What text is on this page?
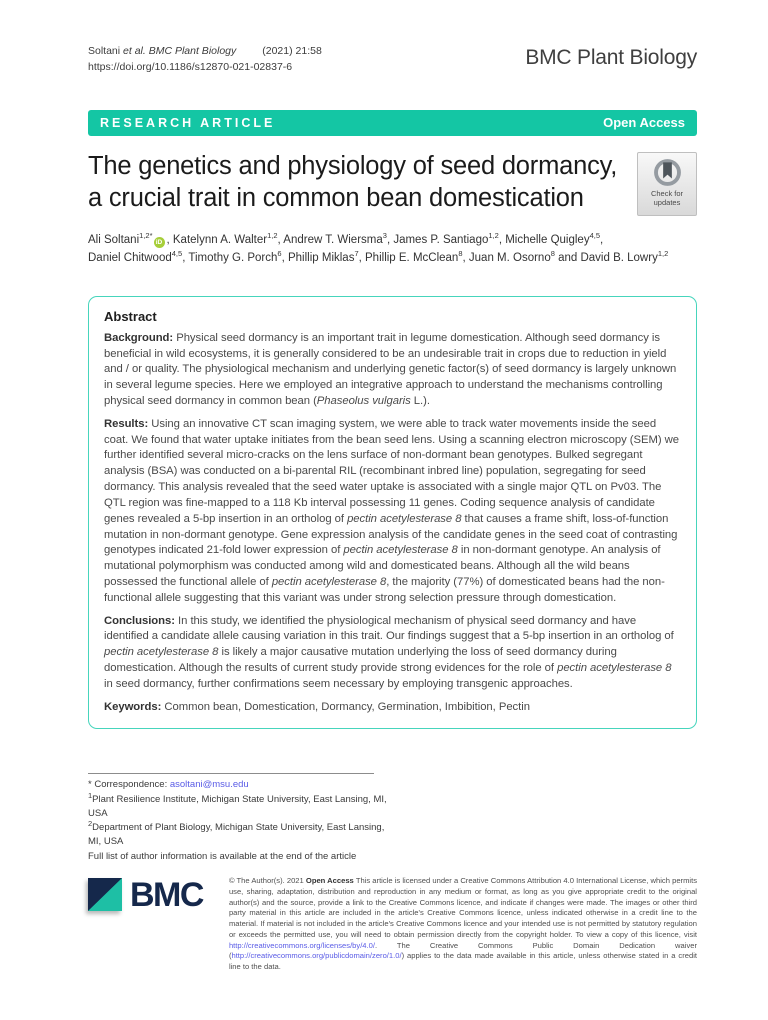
Soltani et al. BMC Plant Biology (2021) 21:58
https://doi.org/10.1186/s12870-021-02837-6	BMC Plant Biology
RESEARCH ARTICLE	Open Access
The genetics and physiology of seed dormancy, a crucial trait in common bean domestication	Check for
updates

Ali Soltani$^{1,2*}$iD , Katelynn A. Walter$^{1,2}$, Andrew T. Wiersma$^3$, James P. Santiago$^{1,2}$, Michelle Quigley$^{4,5}$,
Daniel Chitwood$^{4,5}$, Timothy G. Porch$^6$, Phillip Miklas$^7$, Phillip E. McClean$^8$, Juan M. Osorno$^8$ and David B. Lowry$^{1,2}$

Abstract

Background: Physical seed dormancy is an important trait in legume domestication. Although seed dormancy is beneficial in wild ecosystems, it is generally considered to be an undesirable trait in crops due to reduction in yield and / or quality. The physiological mechanism and underlying genetic factor(s) of seed dormancy is largely unknown in several legume species. Here we employed an integrative approach to understand the mechanisms controlling physical seed dormancy in common bean (Phaseolus vulgaris L.).

Results: Using an innovative CT scan imaging system, we were able to track water movements inside the seed coat. We found that water uptake initiates from the bean seed lens. Using a scanning electron microscopy (SEM) we further identified several micro-cracks on the lens surface of non-dormant bean genotypes. Bulked segregant analysis (BSA) was conducted on a bi-parental RIL (recombinant inbred line) population, segregating for seed dormancy. This analysis revealed that the seed water uptake is associated with a single major QTL on Pv03. The QTL region was fine-mapped to a 118 Kb interval possessing 11 genes. Coding sequence analysis of candidate genes revealed a 5-bp insertion in an ortholog of pectin acetylesterase 8 that causes a frame shift, loss-of-function mutation in non-dormant genotype. Gene expression analysis of the candidate genes in the seed coat of contrasting genotypes indicated 21-fold lower expression of pectin acetylesterase 8 in non-dormant genotype. An analysis of mutational polymorphism was conducted among wild and domesticated beans. Although all the wild beans possessed the functional allele of pectin acetylesterase 8, the majority (77%) of domesticated beans had the non-functional allele suggesting that this variant was under strong selection pressure through domestication.

Conclusions: In this study, we identified the physiological mechanism of physical seed dormancy and have identified a candidate allele causing variation in this trait. Our findings suggest that a 5-bp insertion in an ortholog of pectin acetylesterase 8 is likely a major causative mutation underlying the loss of seed dormancy during domestication. Although the results of current study provide strong evidences for the role of pectin acetylesterase 8 in seed dormancy, further confirmations seem necessary by employing transgenic approaches.

Keywords: Common bean, Domestication, Dormancy, Germination, Imbibition, Pectin

* Correspondence: asoltani@msu.edu

$^1$Plant Resilience Institute, Michigan State University, East Lansing, MI, USA

$^2$Department of Plant Biology, Michigan State University, East Lansing, MI, USA

Full list of author information is available at the end of the article

BMC	© The Author(s). 2021 Open Access This article is licensed under a Creative Commons Attribution 4.0 International License, which permits use, sharing, adaptation, distribution and reproduction in any medium or format, as long as you give appropriate credit to the original author(s) and the source, provide a link to the Creative Commons licence, and indicate if changes were made. The images or other third party material in this article are included in the article's Creative Commons licence, unless indicated otherwise in a credit line to the material. If material is not included in the article's Creative Commons licence and your intended use is not permitted by statutory regulation or exceeds the permitted use, you will need to obtain permission directly from the copyright holder. To view a copy of this licence, visit http://creativecommons.org/licenses/by/4.0/. The Creative Commons Public Domain Dedication waiver (http://creativecommons.org/publicdomain/zero/1.0/) applies to the data made available in this article, unless otherwise stated in a credit line to the data.
